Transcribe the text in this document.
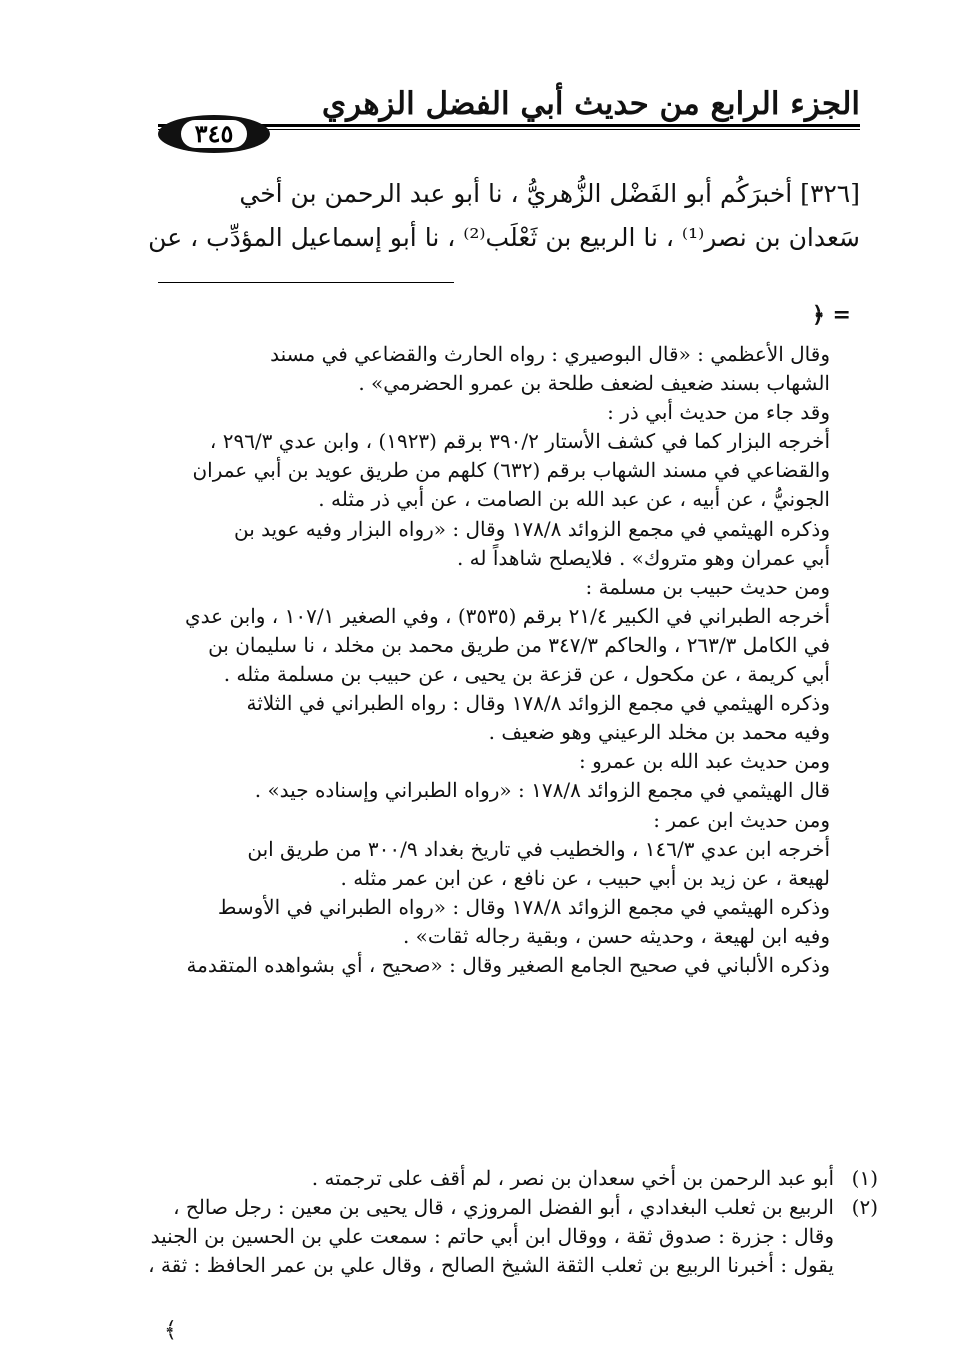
الجزء الرابع من حديث أبي الفضل الزهري
٣٤٥
[٣٢٦] أخبرَكُم أبو الفَضْل الزُّهريُّ ، نا أبو عبد الرحمن بن أخي
سَعدان بن نصر⁽¹⁾ ، نا الربيع بن ثَعْلَب⁽²⁾ ، نا أبو إسماعيل المؤدِّب ، عن
= ﴿
وقال الأعظمي : «قال البوصيري : رواه الحارث والقضاعي في مسند
الشهاب بسند ضعيف لضعف طلحة بن عمرو الحضرمي» .
وقد جاء من حديث أبي ذر :
أخرجه البزار كما في كشف الأستار ٣٩٠/٢ برقم (١٩٢٣) ، وابن عدي ٢٩٦/٣ ،
والقضاعي في مسند الشهاب برقم (٦٣٢) كلهم من طريق عويد بن أبي عمران
الجونيُّ ، عن أبيه ، عن عبد الله بن الصامت ، عن أبي ذر مثله .
وذكره الهيثمي في مجمع الزوائد ١٧٨/٨ وقال : «رواه البزار وفيه عويد بن
أبي عمران وهو متروك» . فلايصلح شاهداً له .
ومن حديث حبيب بن مسلمة :
أخرجه الطبراني في الكبير ٢١/٤ برقم (٣٥٣٥) ، وفي الصغير ١٠٧/١ ، وابن عدي
في الكامل ٢٦٣/٣ ، والحاكم ٣٤٧/٣ من طريق محمد بن مخلد ، نا سليمان بن
أبي كريمة ، عن مكحول ، عن قزعة بن يحيى ، عن حبيب بن مسلمة مثله .
وذكره الهيثمي في مجمع الزوائد ١٧٨/٨ وقال : رواه الطبراني في الثلاثة
وفيه محمد بن مخلد الرعيني وهو ضعيف .
ومن حديث عبد الله بن عمرو :
قال الهيثمي في مجمع الزوائد ١٧٨/٨ : «رواه الطبراني وإسناده جيد» .
ومن حديث ابن عمر :
أخرجه ابن عدي ١٤٦/٣ ، والخطيب في تاريخ بغداد ٣٠٠/٩ من طريق ابن
لهيعة ، عن زيد بن أبي حبيب ، عن نافع ، عن ابن عمر مثله .
وذكره الهيثمي في مجمع الزوائد ١٧٨/٨ وقال : «رواه الطبراني في الأوسط
وفيه ابن لهيعة ، وحديثه حسن ، وبقية رجاله ثقات» .
وذكره الألباني في صحيح الجامع الصغير وقال : «صحيح ، أي بشواهده المتقدمة
(١)
أبو عبد الرحمن بن أخي سعدان بن نصر ، لم أقف على ترجمته .
(٢)
الربيع بن ثعلب البغدادي ، أبو الفضل المروزي ، قال يحيى بن معين : رجل صالح ،
وقال : جزرة : صدوق ثقة ، ووقال ابن أبي حاتم : سمعت علي بن الحسين بن الجنيد
يقول : أخبرنا الربيع بن ثعلب الثقة الشيخ الصالح ، وقال علي بن عمر الحافظ : ثقة ،
﴾
